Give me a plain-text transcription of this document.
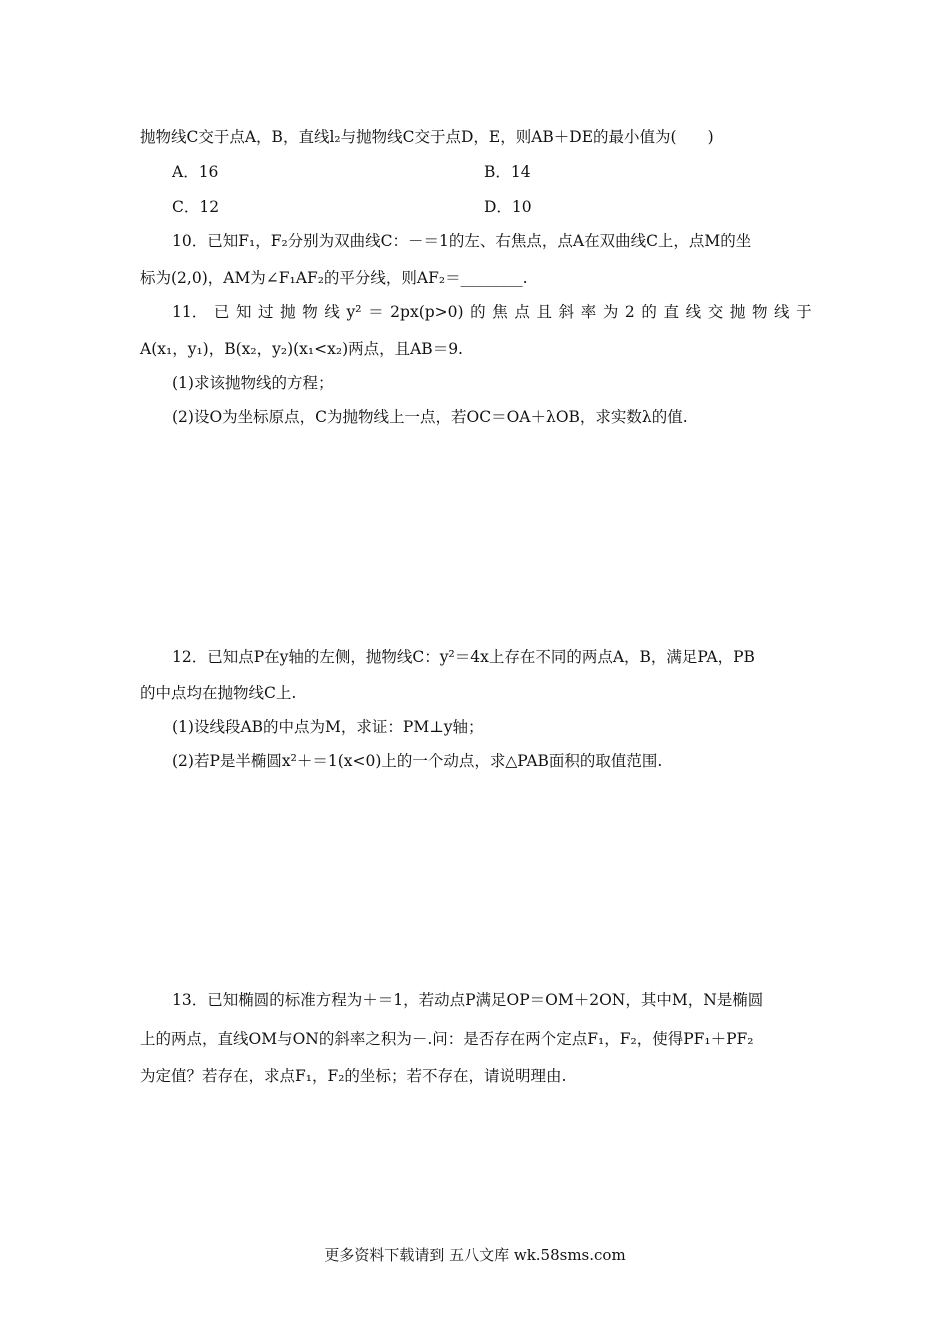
抛物线C交于点A，B，直线l₂与抛物线C交于点D，E，则AB＋DE的最小值为(　　)
A．16	B．14
C．12	D．10
10．已知F₁，F₂分别为双曲线C：－＝1的左、右焦点，点A在双曲线C上，点M的坐
标为(2,0)，AM为∠F₁AF₂的平分线，则AF₂＝________.
11． 已 知 过 抛 物 线 y² ＝ 2px(p>0) 的 焦 点 且 斜 率 为 2 的 直 线 交 抛 物 线 于
A(x₁，y₁)，B(x₂，y₂)(x₁<x₂)两点，且AB＝9.
(1)求该抛物线的方程；
(2)设O为坐标原点，C为抛物线上一点，若OC＝OA＋λOB，求实数λ的值.
12．已知点P在y轴的左侧，抛物线C：y²＝4x上存在不同的两点A，B，满足PA，PB
的中点均在抛物线C上.
(1)设线段AB的中点为M，求证：PM⊥y轴；
(2)若P是半椭圆x²＋＝1(x<0)上的一个动点，求△PAB面积的取值范围.
13．已知椭圆的标准方程为＋＝1，若动点P满足OP＝OM＋2ON，其中M，N是椭圆
上的两点，直线OM与ON的斜率之积为－.问：是否存在两个定点F₁，F₂，使得PF₁＋PF₂
为定值？若存在，求点F₁，F₂的坐标；若不存在，请说明理由.
更多资料下载请到 五八文库 wk.58sms.com
